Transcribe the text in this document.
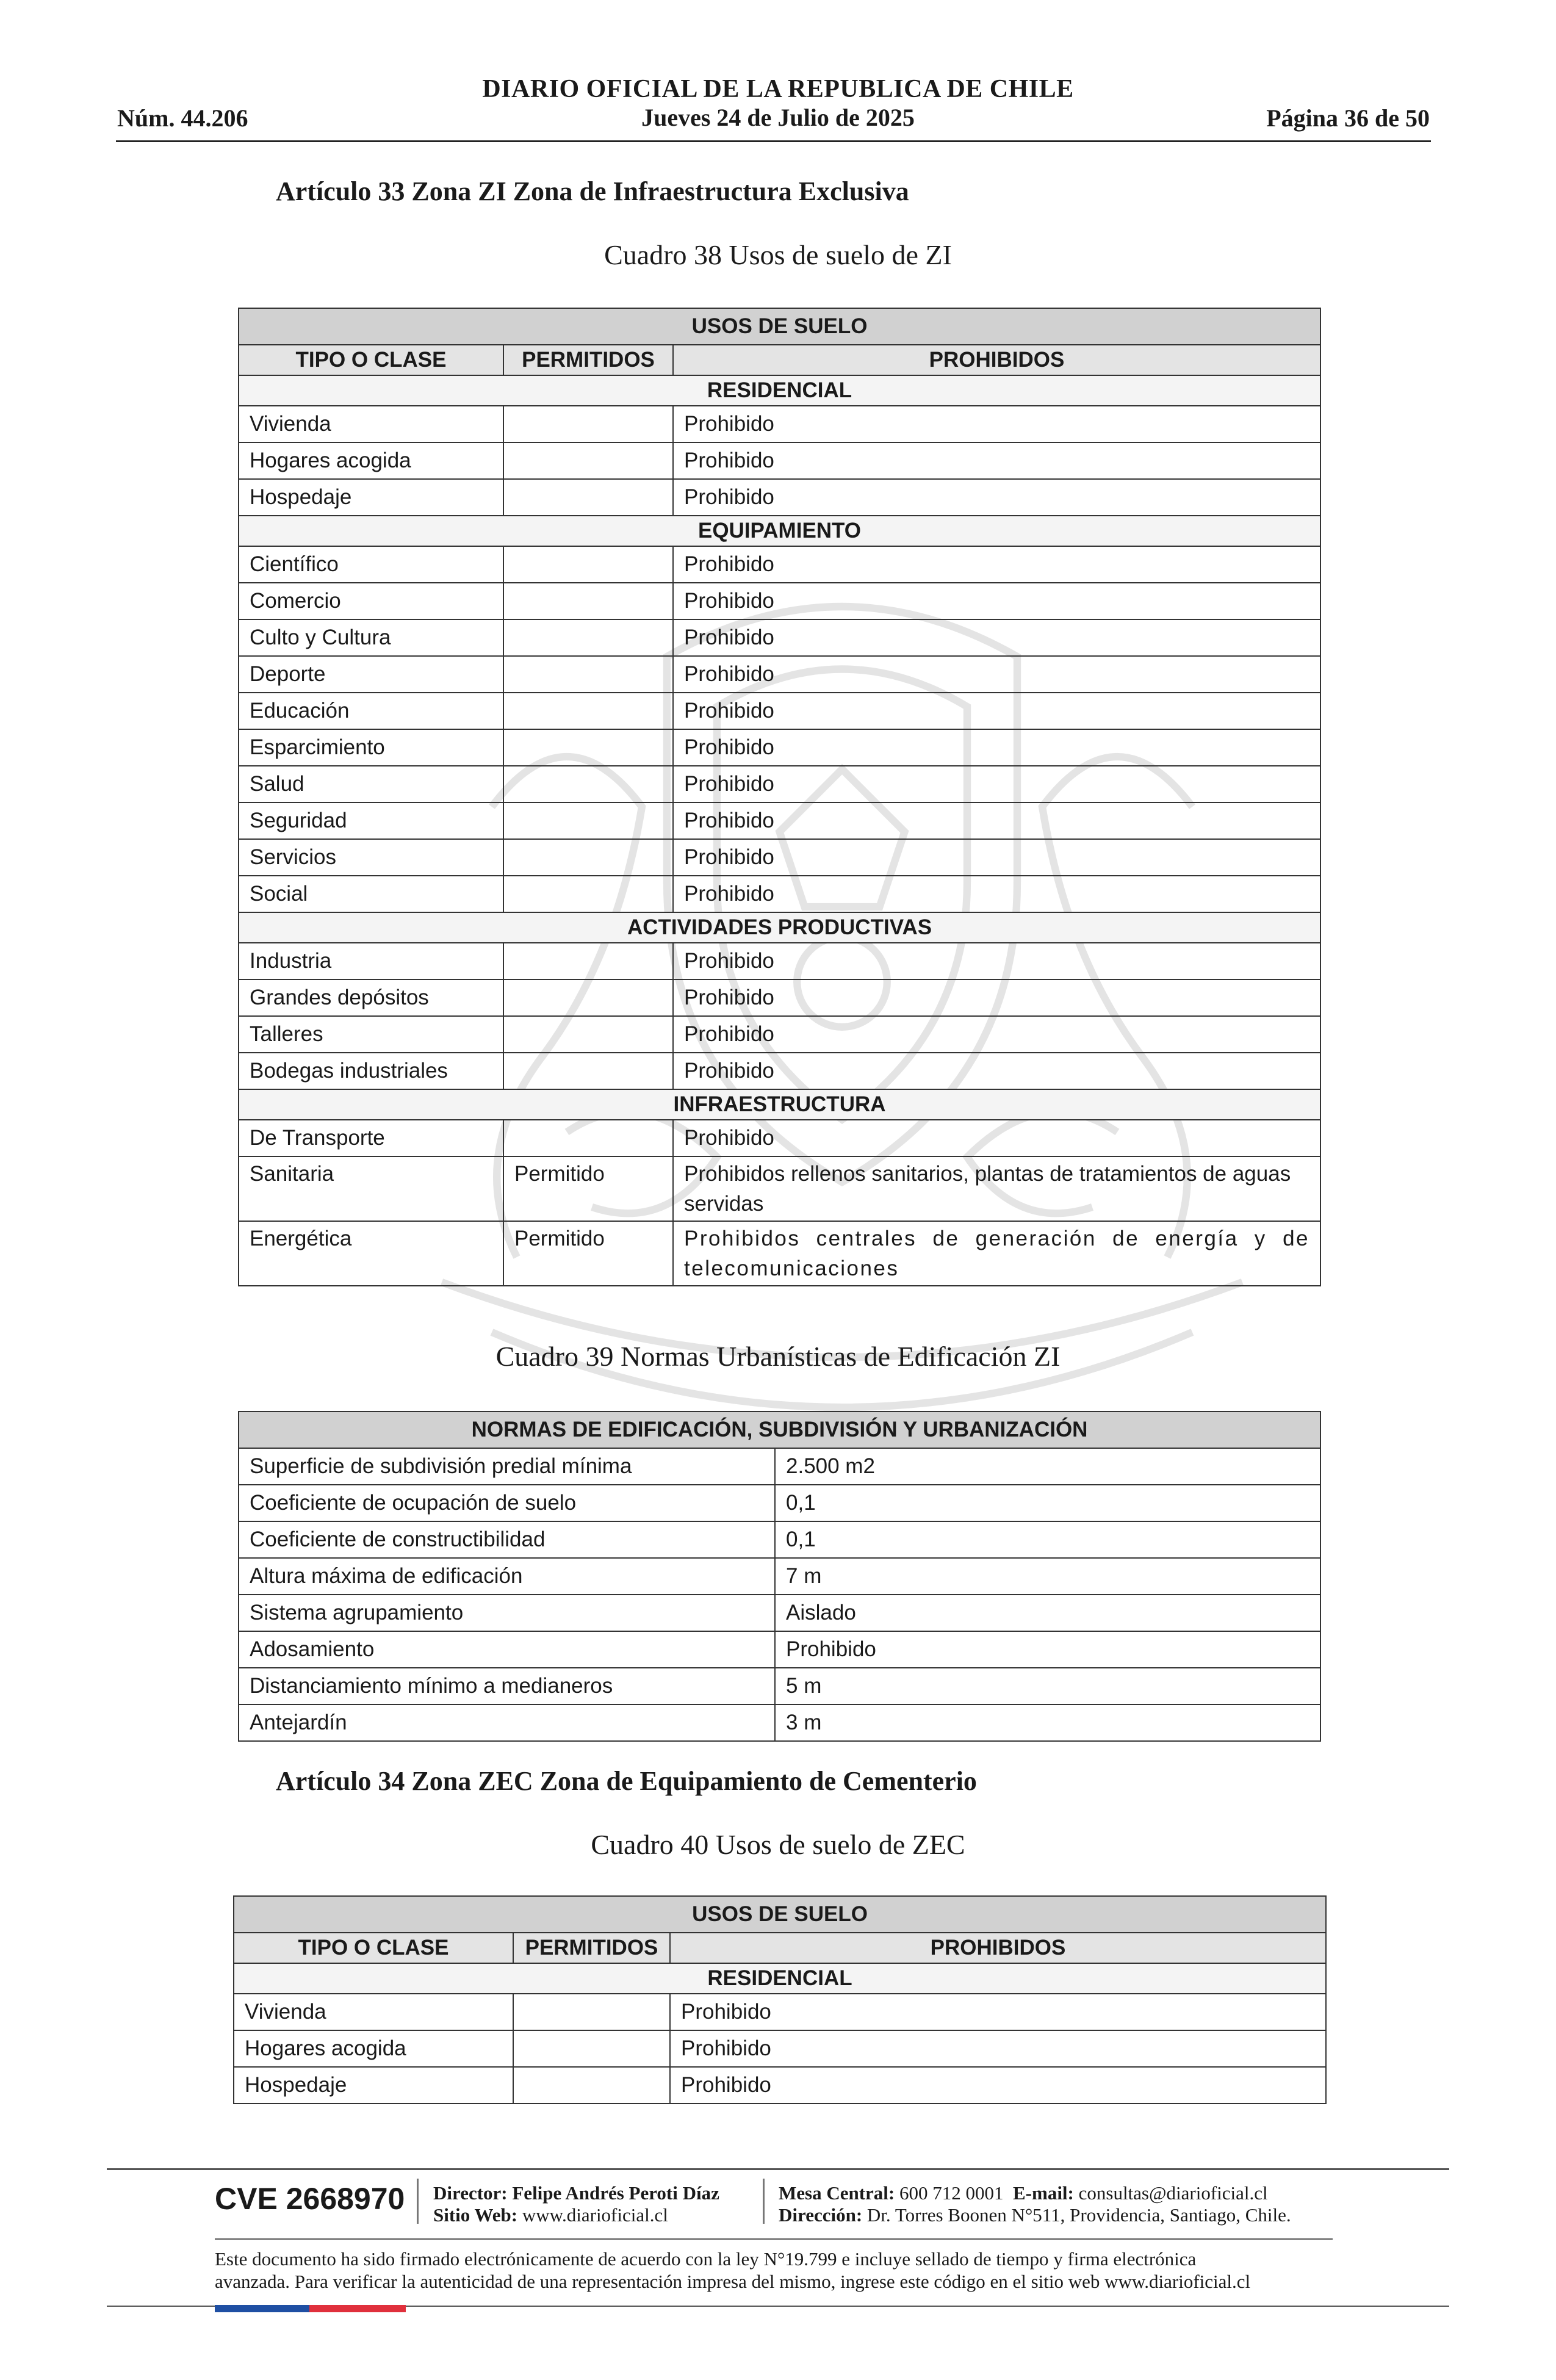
DIARIO OFICIAL DE LA REPUBLICA DE CHILE
Jueves 24 de Julio de 2025
Núm. 44.206	Página 36 de 50
Artículo 33 Zona ZI Zona de Infraestructura Exclusiva
Cuadro 38 Usos de suelo de ZI
USOS DE SUELO		
TIPO O CLASE	PERMITIDOS	PROHIBIDOS
RESIDENCIAL		
Vivienda		Prohibido
Hogares acogida		Prohibido
Hospedaje		Prohibido
EQUIPAMIENTO		
Científico		Prohibido
Comercio		Prohibido
Culto y Cultura		Prohibido
Deporte		Prohibido
Educación		Prohibido
Esparcimiento		Prohibido
Salud		Prohibido
Seguridad		Prohibido
Servicios		Prohibido
Social		Prohibido
ACTIVIDADES PRODUCTIVAS		
Industria		Prohibido
Grandes depósitos		Prohibido
Talleres		Prohibido
Bodegas industriales		Prohibido
INFRAESTRUCTURA		
De Transporte		Prohibido
Sanitaria	Permitido	Prohibidos rellenos sanitarios, plantas de tratamientos de aguas servidas
Energética	Permitido	Prohibidos centrales de generación de energía y de telecomunicaciones
Cuadro 39 Normas Urbanísticas de Edificación ZI
NORMAS DE EDIFICACIÓN, SUBDIVISIÓN Y URBANIZACIÓN	
Superficie de subdivisión predial mínima	2.500 m2
Coeficiente de ocupación de suelo	0,1
Coeficiente de constructibilidad	0,1
Altura máxima de edificación	7 m
Sistema agrupamiento	Aislado
Adosamiento	Prohibido
Distanciamiento mínimo a medianeros	5 m
Antejardín	3 m
Artículo 34 Zona ZEC Zona de Equipamiento de Cementerio
Cuadro 40 Usos de suelo de ZEC
USOS DE SUELO		
TIPO O CLASE	PERMITIDOS	PROHIBIDOS
RESIDENCIAL		
Vivienda		Prohibido
Hogares acogida		Prohibido
Hospedaje		Prohibido
CVE 2668970 Director: Felipe Andrés Peroti Díaz
Sitio Web: www.diarioficial.cl
Mesa Central: 600 712 0001 E-mail: consultas@diarioficial.cl
Dirección: Dr. Torres Boonen N°511, Providencia, Santiago, Chile.
Este documento ha sido firmado electrónicamente de acuerdo con la ley N°19.799 e incluye sellado de tiempo y firma electrónica
avanzada. Para verificar la autenticidad de una representación impresa del mismo, ingrese este código en el sitio web www.diarioficial.cl
